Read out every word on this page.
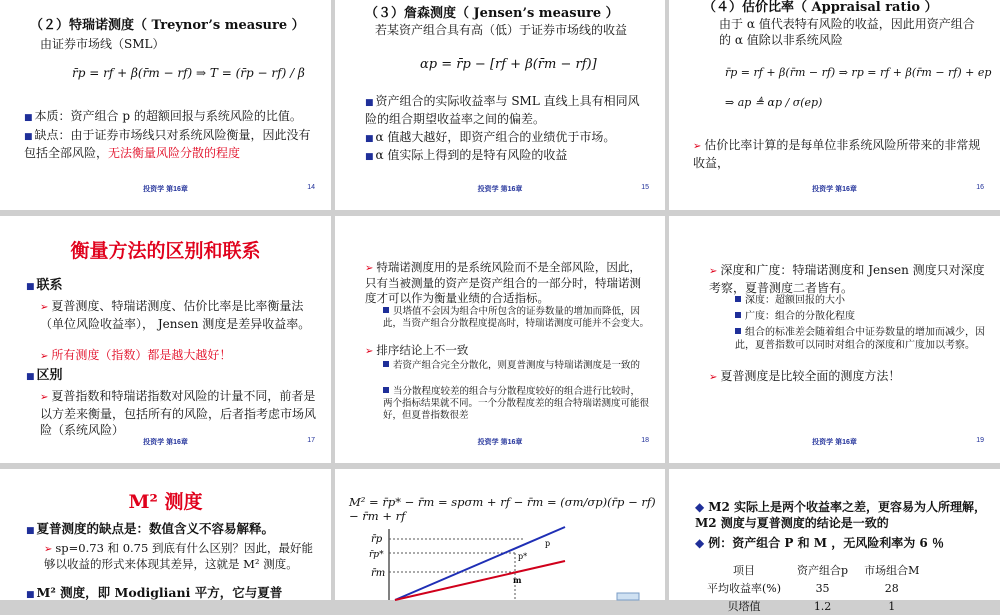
（２）特瑞诺测度（ Treynor’s measure ）
由证券市场线（SML）
r̄p = rf + β(r̄m − rf) ⇒ T = (r̄p − rf) / β
■ 本质：资产组合 p 的超额回报与系统风险的比值。
■ 缺点：由于证券市场线只对系统风险衡量，因此没有包括全部风险，无法衡量风险分散的程度
投资学 第16章	14
（３）詹森测度（ Jensen’s measure ）
若某资产组合具有高（低）于证券市场线的收益
αp = r̄p − [rf + β(r̄m − rf)]
■ 资产组合的实际收益率与 SML 直线上具有相同风险的组合期望收益率之间的偏差。
■ α 值越大越好，即资产组合的业绩优于市场。
■ α 值实际上得到的是特有风险的收益
投资学 第16章	15
（４）估价比率（ Appraisal ratio ）
由于 α 值代表特有风险的收益，因此用资产组合的 α 值除以非系统风险
r̄p = rf + β(r̄m − rf) ⇒ rp = rf + β(r̄m − rf) + ep
⇒ ap ≜ αp / σ(ep)
➢ 估价比率计算的是每单位非系统风险所带来的非常规收益，
投资学 第16章	16
衡量方法的区别和联系
■ 联系
➢ 夏普测度、特瑞诺测度、估价比率是比率衡量法（单位风险收益率）， Jensen 测度是差异收益率。
➢ 所有测度（指数）都是越大越好！
■ 区别
➢ 夏普指数和特瑞诺指数对风险的计量不同，前者是以方差来衡量，包括所有的风险，后者指考虑市场风险（系统风险）
投资学 第16章	17
➢ 特瑞诺测度用的是系统风险而不是全部风险，因此，只有当被测量的资产是资产组合的一部分时，特瑞诺测度才可以作为衡量业绩的合适指标。
贝塔值不会因为组合中所包含的证券数量的增加而降低，因此，当资产组合分散程度提高时，特瑞诺测度可能并不会变大。
➢ 排序结论上不一致
若资产组合完全分散化，则夏普测度与特瑞诺测度是一致的
当分散程度较差的组合与分散程度较好的组合进行比较时，两个指标结果就不同。一个分散程度差的组合特瑞诺测度可能很好，但夏普指数很差
投资学 第16章	18
➢ 深度和广度：特瑞诺测度和 Jensen 测度只对深度考察，夏普测度二者皆有。
深度：超额回报的大小
广度：组合的分散化程度
组合的标准差会随着组合中证券数量的增加而减少，因此，夏普指数可以同时对组合的深度和广度加以考察。
➢ 夏普测度是比较全面的测度方法！
投资学 第16章	19
M² 测度
■ 夏普测度的缺点是：数值含义不容易解释。
➢ sp=0.73 和 0.75 到底有什么区别？因此，最好能够以收益的形式来体现其差异，这就是 M² 测度。
■ M² 测度，即 Modigliani 平方，它与夏普
M² = r̄p* − r̄m = spσm + rf − r̄m = (σm/σp)(r̄p − rf) − r̄m + rf
r̄p
r̄p*
r̄m
p
p*
m
◆ M2 实际上是两个收益率之差，更容易为人所理解， M2 测度与夏普测度的结论是一致的
◆ 例：资产组合 P 和 M ，无风险利率为 6 ％
项目	资产组合p	市场组合M
平均收益率(%)	35	28
贝塔值	1.2	1
